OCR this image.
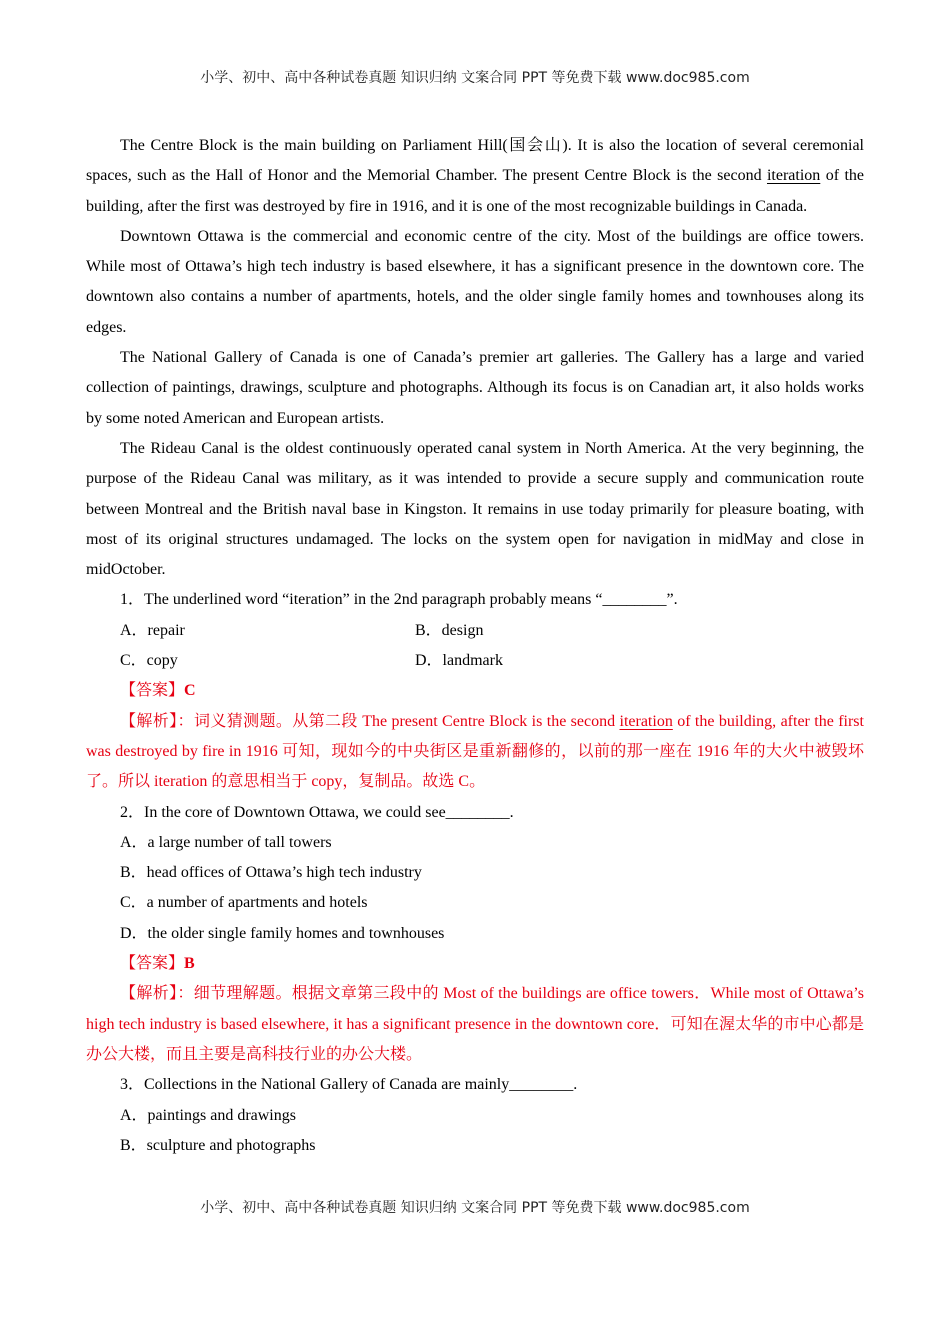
小学、初中、高中各种试卷真题 知识归纳 文案合同 PPT 等免费下载 www.doc985.com

The Centre Block is the main building on Parliament Hill(国会山). It is also the location of several ceremonial spaces, such as the Hall of Honor and the Memorial Chamber. The present Centre Block is the second iteration of the building, after the first was destroyed by fire in 1916, and it is one of the most recognizable buildings in Canada.

Downtown Ottawa is the commercial and economic centre of the city. Most of the buildings are office towers. While most of Ottawa’s high tech industry is based elsewhere, it has a significant presence in the downtown core. The downtown also contains a number of apartments, hotels, and the older single family homes and townhouses along its edges.

The National Gallery of Canada is one of Canada’s premier art galleries. The Gallery has a large and varied collection of paintings, drawings, sculpture and photographs. Although its focus is on Canadian art, it also holds works by some noted American and European artists.

The Rideau Canal is the oldest continuously operated canal system in North America. At the very beginning, the purpose of the Rideau Canal was military, as it was intended to provide a secure supply and communication route between Montreal and the British naval base in Kingston. It remains in use today primarily for pleasure boating, with most of its original structures undamaged. The locks on the system open for navigation in midMay and close in midOctober.

1．The underlined word “iteration” in the 2nd paragraph probably means “________”.

A．repair	B．design
C．copy	D．landmark

【答案】C

【解析】：词义猜测题。从第二段 The present Centre Block is the second iteration of the building, after the first was destroyed by fire in 1916 可知，现如今的中央街区是重新翻修的，以前的那一座在 1916 年的大火中被毁坏了。所以 iteration 的意思相当于 copy，复制品。故选 C。

2．In the core of Downtown Ottawa, we could see________.

A．a large number of tall towers

B．head offices of Ottawa’s high tech industry

C．a number of apartments and hotels

D．the older single family homes and townhouses

【答案】B

【解析】：细节理解题。根据文章第三段中的 Most of the buildings are office towers．While most of Ottawa’s high tech industry is based elsewhere, it has a significant presence in the downtown core．可知在渥太华的市中心都是办公大楼，而且主要是高科技行业的办公大楼。

3．Collections in the National Gallery of Canada are mainly________.

A．paintings and drawings

B．sculpture and photographs

小学、初中、高中各种试卷真题 知识归纳 文案合同 PPT 等免费下载 www.doc985.com
